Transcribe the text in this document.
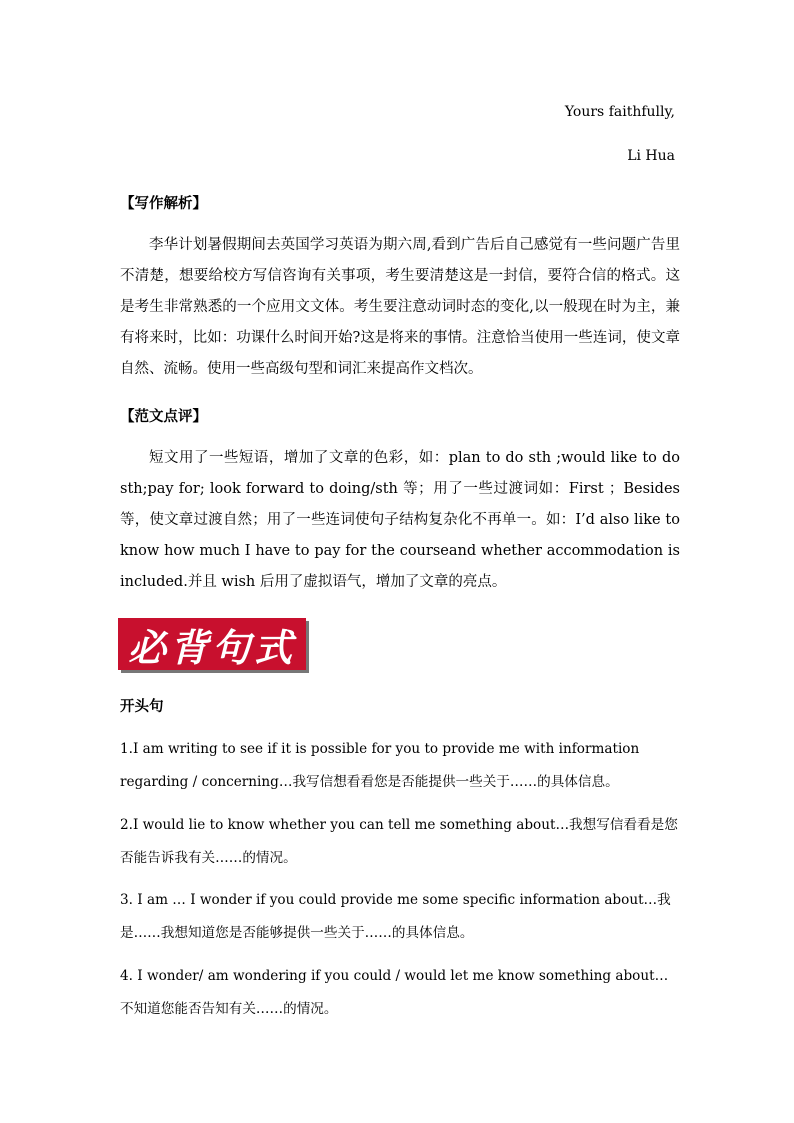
Yours faithfully,
Li Hua
【写作解析】
李华计划暑假期间去英国学习英语为期六周,看到广告后自己感觉有一些问题广告里不清楚，想要给校方写信咨询有关事项，考生要清楚这是一封信，要符合信的格式。这是考生非常熟悉的一个应用文文体。考生要注意动词时态的变化,以一般现在时为主，兼有将来时，比如：功课什么时间开始?这是将来的事情。注意恰当使用一些连词，使文章自然、流畅。使用一些高级句型和词汇来提高作文档次。
【范文点评】
短文用了一些短语，增加了文章的色彩，如：plan to do sth ;would like to do sth;pay for; look forward to doing/sth 等；用了一些过渡词如：First ；Besides 等，使文章过渡自然；用了一些连词使句子结构复杂化不再单一。如：I’d also like to know how much I have to pay for the courseand whether accommodation is included.并且 wish 后用了虚拟语气，增加了文章的亮点。
必背句式
开头句
1.I am writing to see if it is possible for you to provide me with information regarding / concerning…我写信想看看您是否能提供一些关于……的具体信息。
2.I would lie to know whether you can tell me something about…我想写信看看是您否能告诉我有关……的情况。
3. I am … I wonder if you could provide me some specific information about…我是……我想知道您是否能够提供一些关于……的具体信息。
4. I wonder/ am wondering if you could / would let me know something about…不知道您能否告知有关……的情况。
